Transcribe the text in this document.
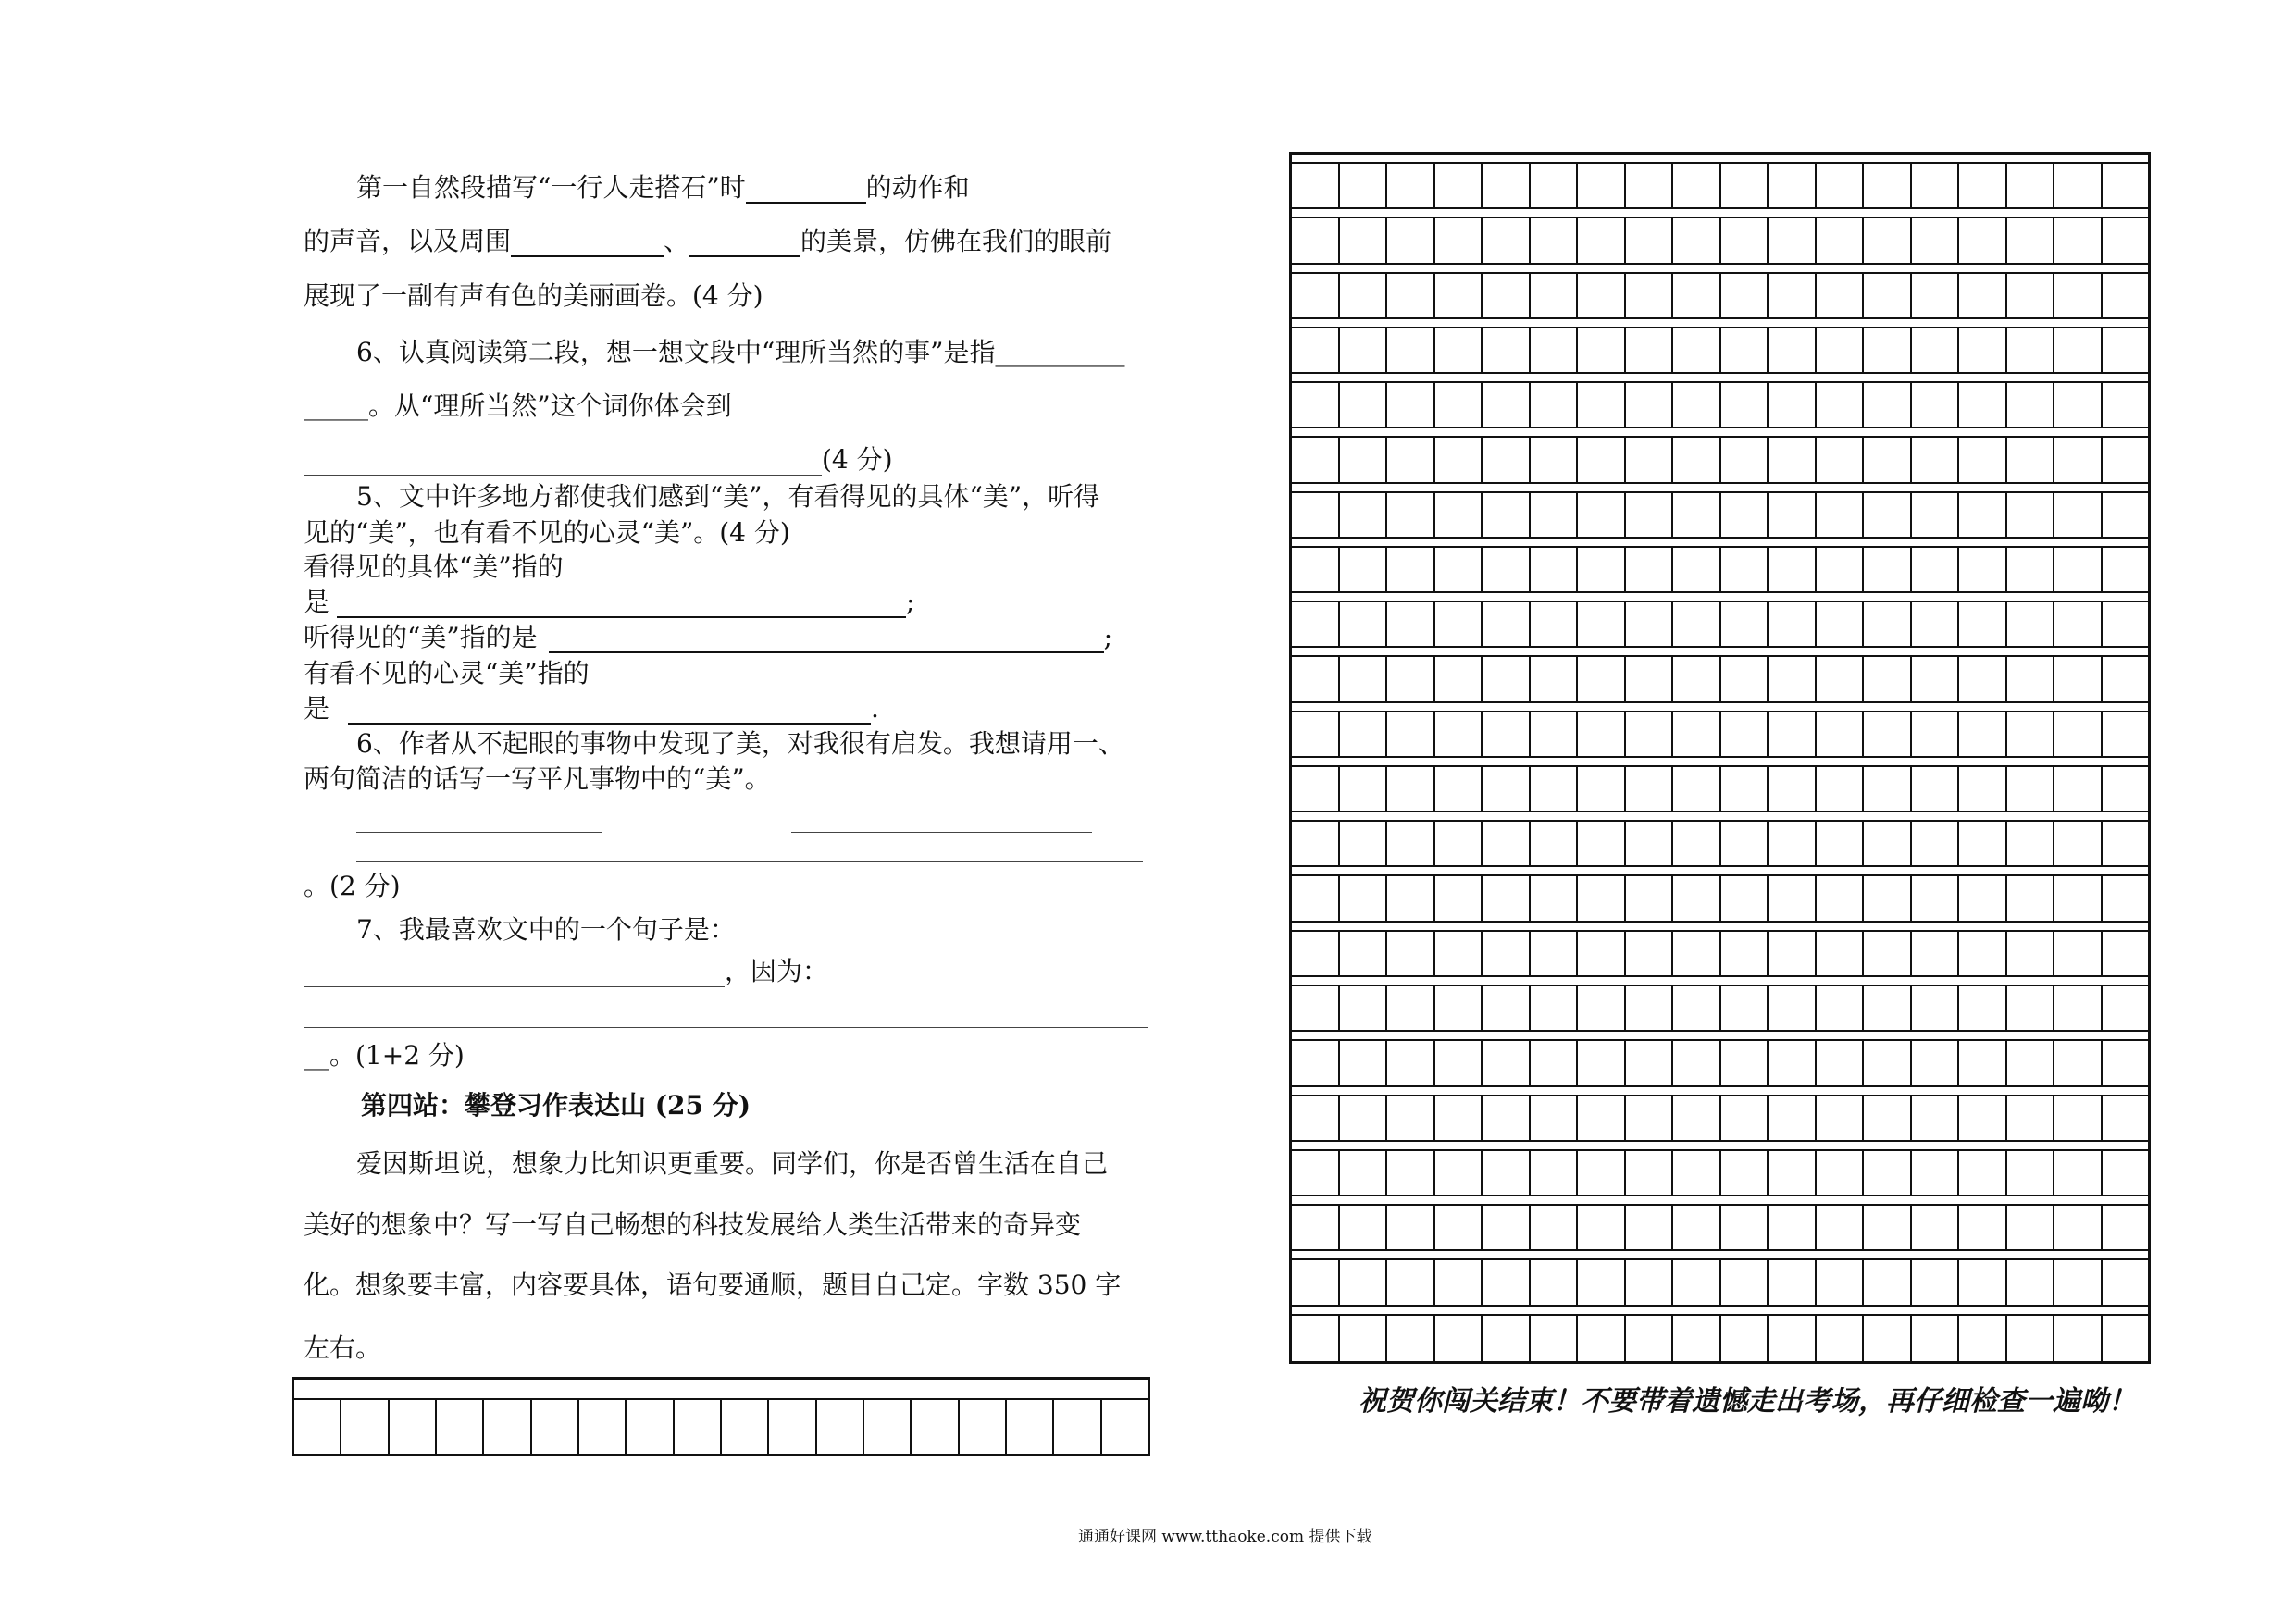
第一自然段描写“一行人走搭石”时	的动作和
的声音，以及周围	、	的美景，仿佛在我们的眼前
展现了一副有声有色的美丽画卷。(4 分)
6、认真阅读第二段，想一想文段中“理所当然的事”是指__________
_____。从“理所当然”这个词你体会到
(4 分)
5、文中许多地方都使我们感到“美”，有看得见的具体“美”，听得
见的“美”，也有看不见的心灵“美”。(4 分)
看得见的具体“美”指的
是	;
听得见的“美”指的是	;
有看不见的心灵“美”指的
是	.
6、作者从不起眼的事物中发现了美，对我很有启发。我想请用一、
两句简洁的话写一写平凡事物中的“美”。
。(2 分)
7、我最喜欢文中的一个句子是：
，因为：
__。(1+2 分)
第四站：攀登习作表达山 (25 分)
爱因斯坦说，想象力比知识更重要。同学们，你是否曾生活在自己
美好的想象中？写一写自己畅想的科技发展给人类生活带来的奇异变
化。想象要丰富，内容要具体，语句要通顺，题目自己定。字数 350 字
左右。
祝贺你闯关结束！不要带着遗憾走出考场，再仔细检查一遍呦！
通通好课网 www.tthaoke.com 提供下载
